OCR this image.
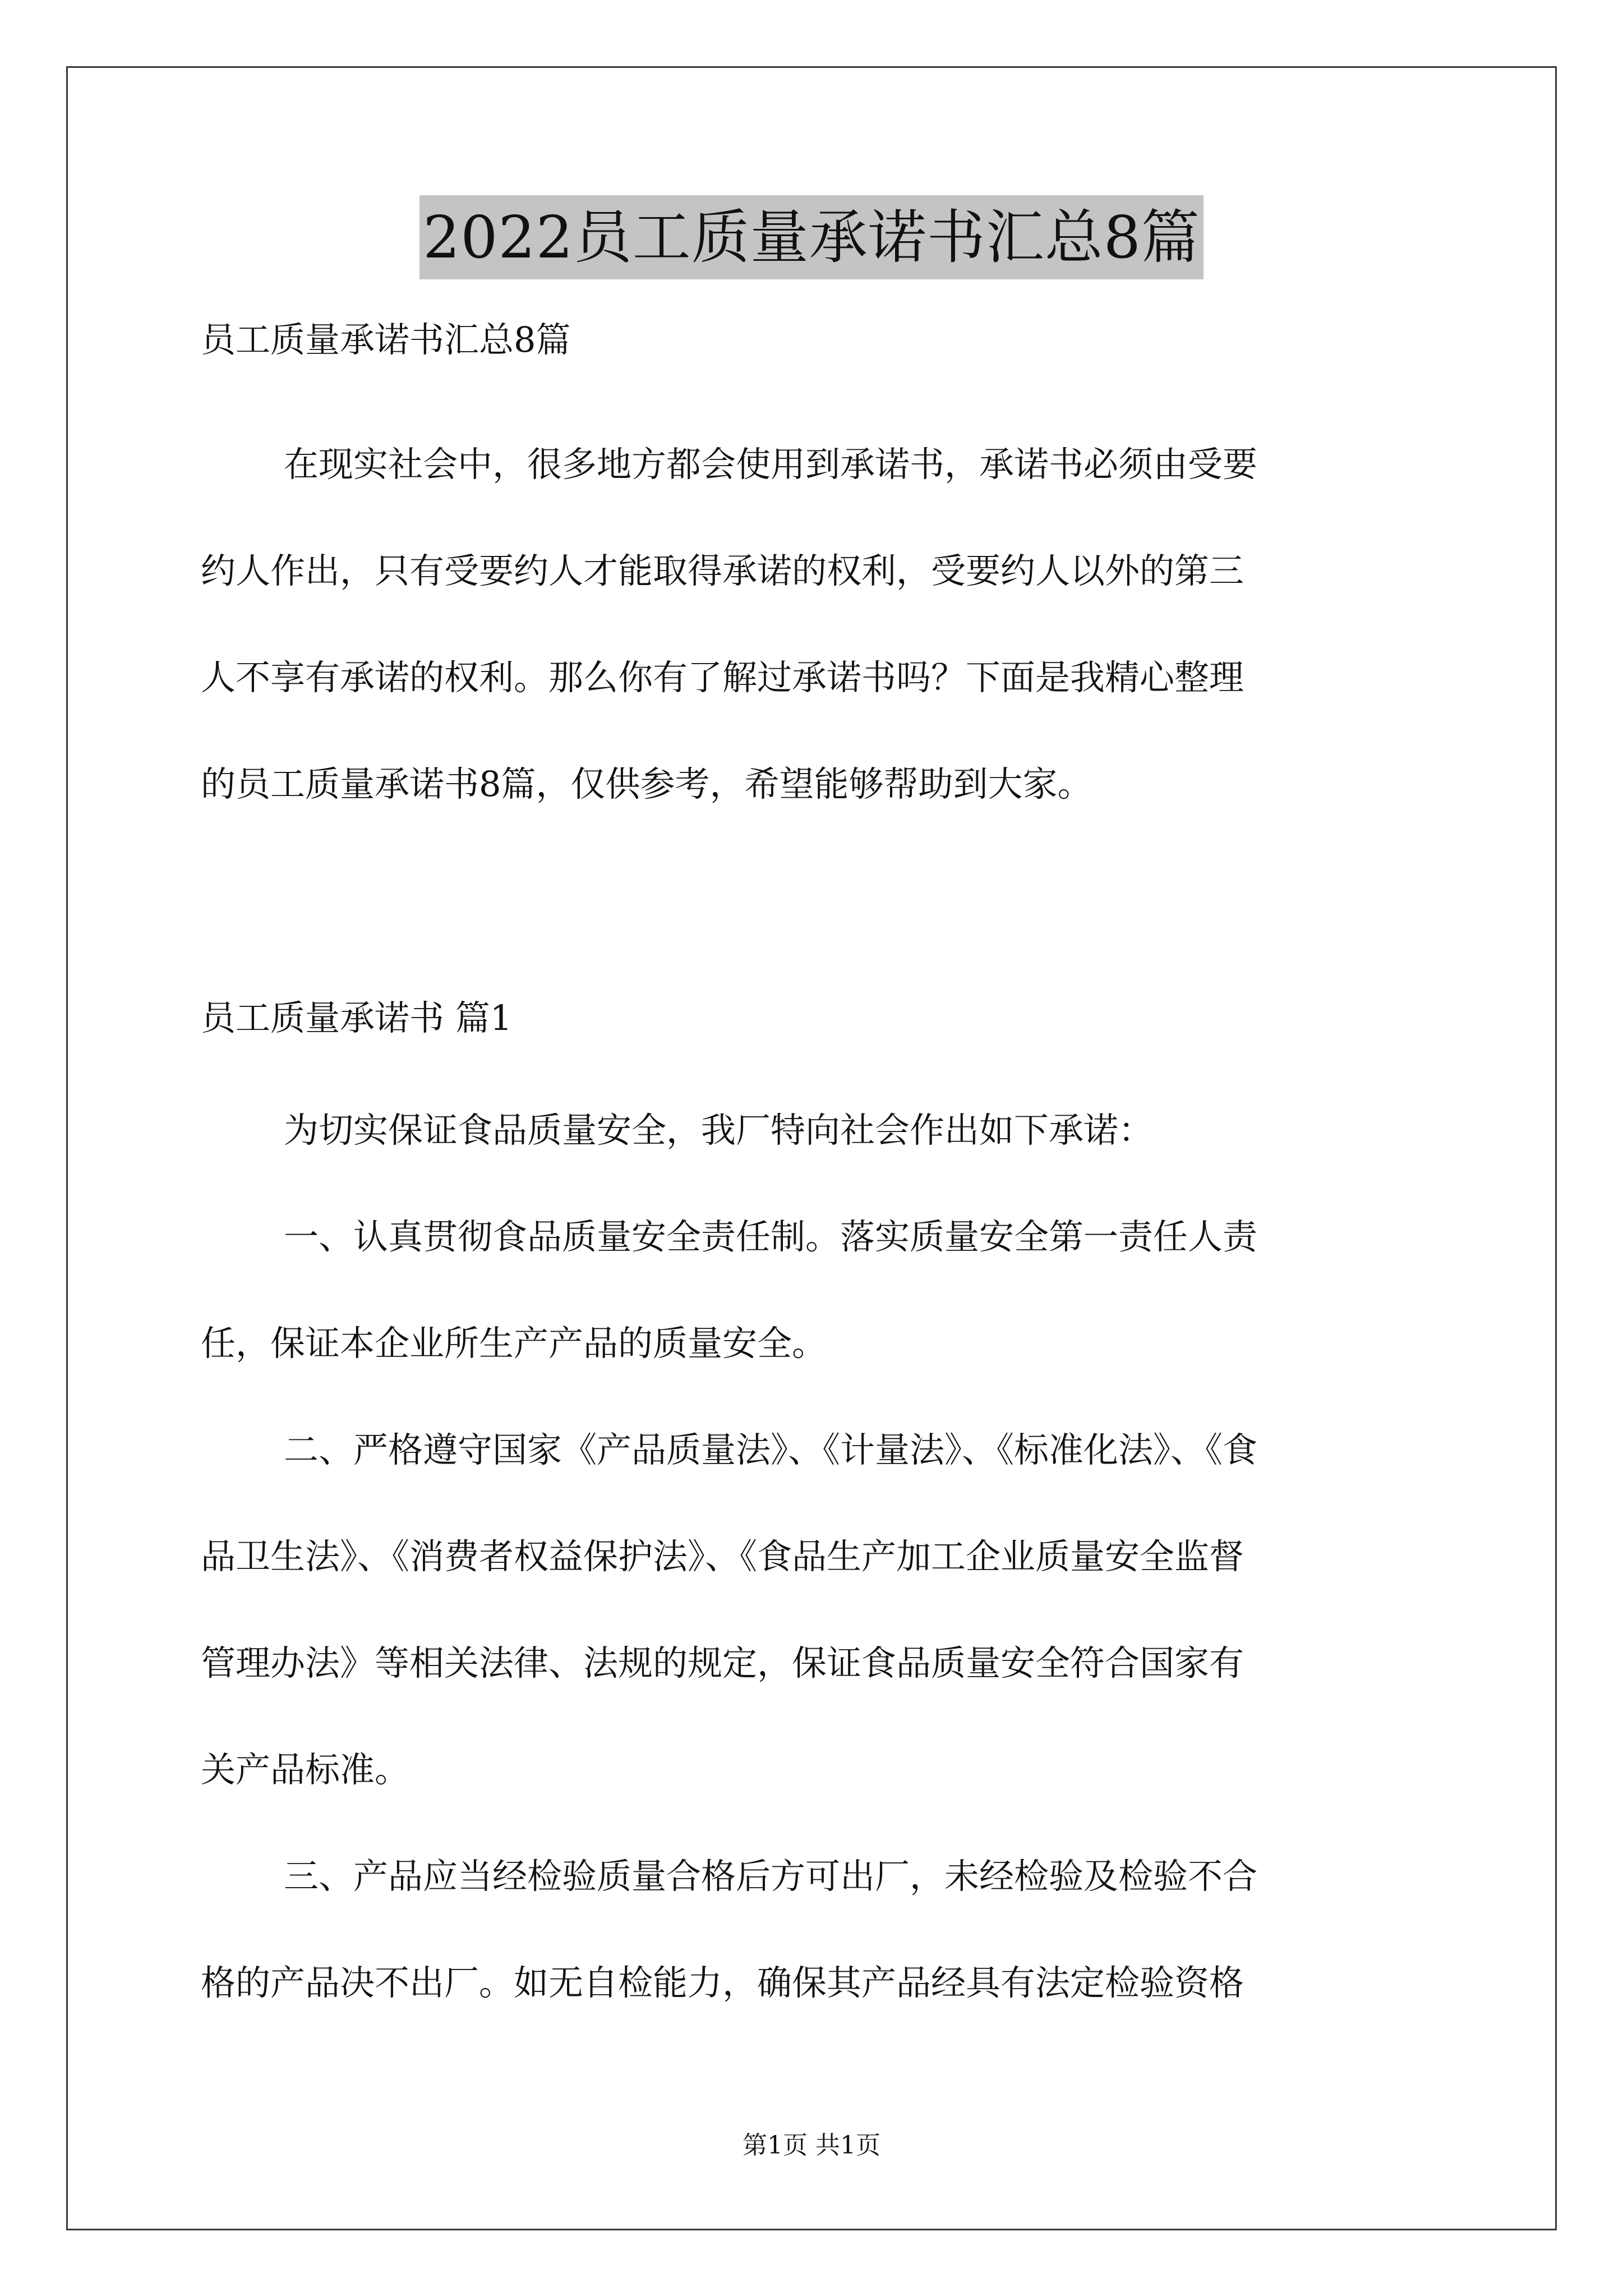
2022员工质量承诺书汇总8篇
员工质量承诺书汇总8篇
在现实社会中，很多地方都会使用到承诺书，承诺书必须由受要
约人作出，只有受要约人才能取得承诺的权利，受要约人以外的第三
人不享有承诺的权利。那么你有了解过承诺书吗？下面是我精心整理
的员工质量承诺书8篇，仅供参考，希望能够帮助到大家。
员工质量承诺书 篇1
为切实保证食品质量安全，我厂特向社会作出如下承诺：
一、认真贯彻食品质量安全责任制。落实质量安全第一责任人责
任，保证本企业所生产产品的质量安全。
二、严格遵守国家《产品质量法》、《计量法》、《标准化法》、《食
品卫生法》、《消费者权益保护法》、《食品生产加工企业质量安全监督
管理办法》等相关法律、法规的规定，保证食品质量安全符合国家有
关产品标准。
三、产品应当经检验质量合格后方可出厂，未经检验及检验不合
格的产品决不出厂。如无自检能力，确保其产品经具有法定检验资格
第1页 共1页
